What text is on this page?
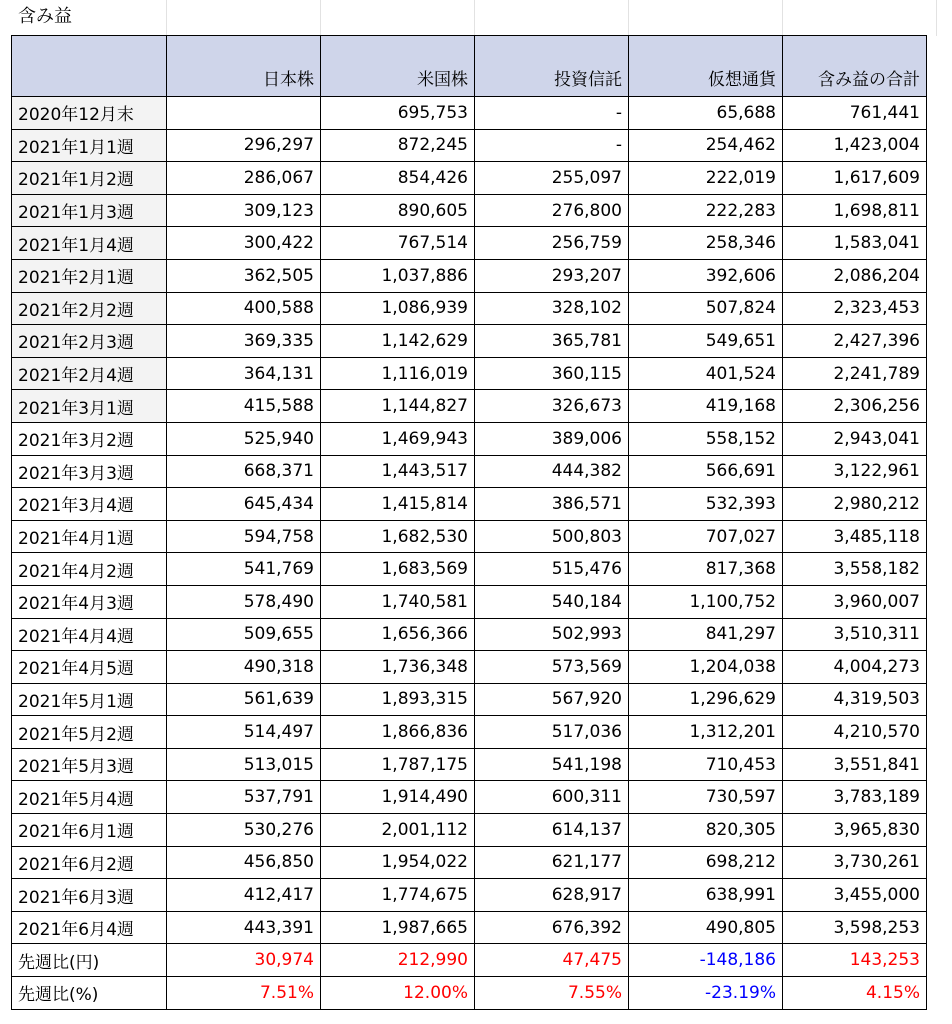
含み益
	日本株	米国株	投資信託	仮想通貨	含み益の合計
2020年12月末		695,753	-	65,688	761,441
2021年1月1週	296,297	872,245	-	254,462	1,423,004
2021年1月2週	286,067	854,426	255,097	222,019	1,617,609
2021年1月3週	309,123	890,605	276,800	222,283	1,698,811
2021年1月4週	300,422	767,514	256,759	258,346	1,583,041
2021年2月1週	362,505	1,037,886	293,207	392,606	2,086,204
2021年2月2週	400,588	1,086,939	328,102	507,824	2,323,453
2021年2月3週	369,335	1,142,629	365,781	549,651	2,427,396
2021年2月4週	364,131	1,116,019	360,115	401,524	2,241,789
2021年3月1週	415,588	1,144,827	326,673	419,168	2,306,256
2021年3月2週	525,940	1,469,943	389,006	558,152	2,943,041
2021年3月3週	668,371	1,443,517	444,382	566,691	3,122,961
2021年3月4週	645,434	1,415,814	386,571	532,393	2,980,212
2021年4月1週	594,758	1,682,530	500,803	707,027	3,485,118
2021年4月2週	541,769	1,683,569	515,476	817,368	3,558,182
2021年4月3週	578,490	1,740,581	540,184	1,100,752	3,960,007
2021年4月4週	509,655	1,656,366	502,993	841,297	3,510,311
2021年4月5週	490,318	1,736,348	573,569	1,204,038	4,004,273
2021年5月1週	561,639	1,893,315	567,920	1,296,629	4,319,503
2021年5月2週	514,497	1,866,836	517,036	1,312,201	4,210,570
2021年5月3週	513,015	1,787,175	541,198	710,453	3,551,841
2021年5月4週	537,791	1,914,490	600,311	730,597	3,783,189
2021年6月1週	530,276	2,001,112	614,137	820,305	3,965,830
2021年6月2週	456,850	1,954,022	621,177	698,212	3,730,261
2021年6月3週	412,417	1,774,675	628,917	638,991	3,455,000
2021年6月4週	443,391	1,987,665	676,392	490,805	3,598,253
先週比(円)	30,974	212,990	47,475	-148,186	143,253
先週比(%)	7.51%	12.00%	7.55%	-23.19%	4.15%
